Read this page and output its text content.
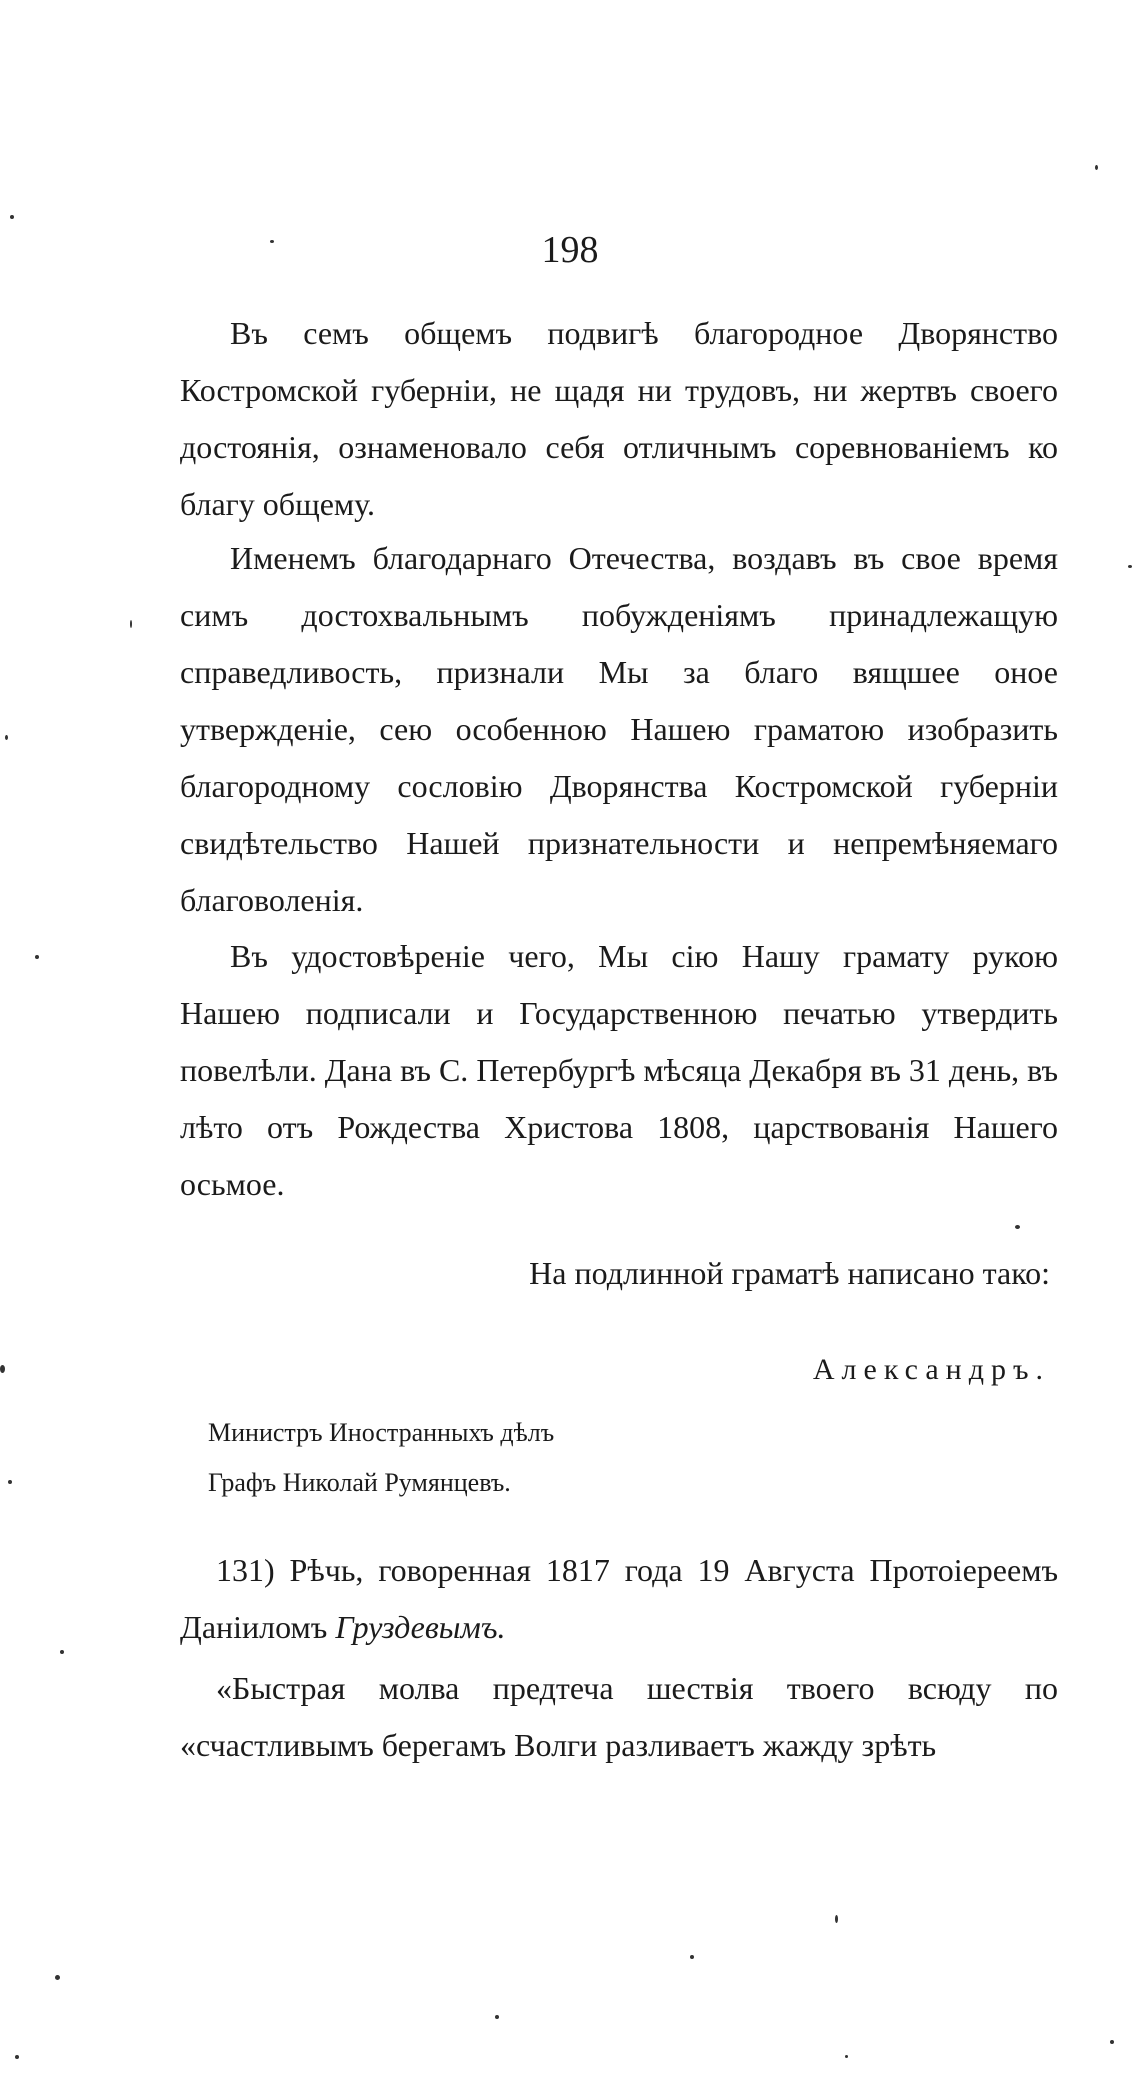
198

Въ семъ общемъ подвигѣ благородное Дворянство Костромской губерніи, не щадя ни трудовъ, ни жертвъ своего достоянія, ознаменовало себя отличнымъ соревнованіемъ ко благу общему.

Именемъ благодарнаго Отечества, воздавъ въ свое время симъ достохвальнымъ побужденіямъ принадлежащую справедливость, признали Мы за благо вящшее оное утвержденіе, сею особенною Нашею граматою изобразить благородному сословію Дворянства Костромской губерніи свидѣтельство Нашей признательности и непремѣняемаго благоволенія.

Въ удостовѣреніе чего, Мы сію Нашу грамату рукою Нашею подписали и Государственною печатью утвердить повелѣли. Дана въ С. Петербургѣ мѣсяца Декабря въ 31 день, въ лѣто отъ Рождества Христова 1808, царствованія Нашего осьмое.

На подлинной граматѣ написано тако:
Александръ.
Министръ Иностранныхъ дѣлъ
Графъ Николай Румянцевъ.
131) Рѣчь, говоренная 1817 года 19 Августа Протоіереемъ Даніиломъ Груздевымъ.

«Быстрая молва предтеча шествія твоего всюду по «счастливымъ берегамъ Волги разливаетъ жажду зрѣть
